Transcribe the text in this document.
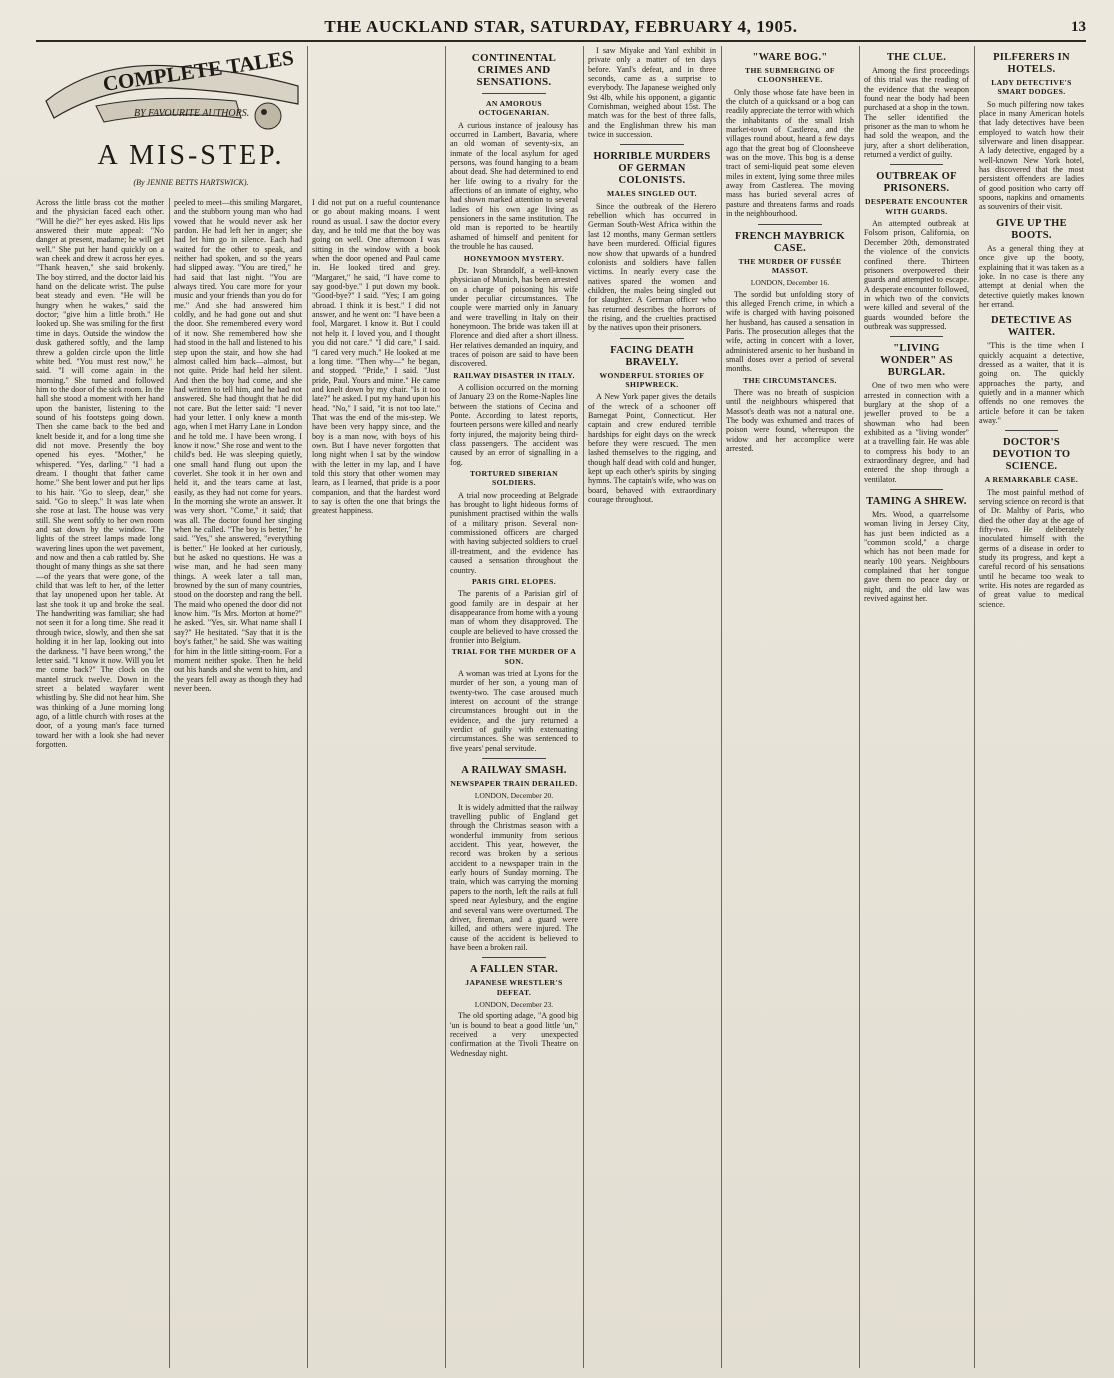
THE AUCKLAND STAR, SATURDAY, FEBRUARY 4, 1905.	13
COMPLETE TALES
BY FAVOURITE AUTHORS.
A MIS-STEP.
(By JENNIE BETTS HARTSWICK).
Across the little brass cot the mother and the physician faced each other. "Will he die?" her eyes asked. His lips answered their mute appeal: "No danger at present, madame; he will get well." She put her hand quickly on a wan cheek and drew it across her eyes. "Thank heaven," she said brokenly. The boy stirred, and the doctor laid his hand on the delicate wrist. The pulse beat steady and even. "He will be hungry when he wakes," said the doctor; "give him a little broth." He looked up. She was smiling for the first time in days. Outside the window the dusk gathered softly, and the lamp threw a golden circle upon the little white bed. "You must rest now," he said. "I will come again in the morning." She turned and followed him to the door of the sick room. In the hall she stood a moment with her hand upon the banister, listening to the sound of his footsteps going down. Then she came back to the bed and knelt beside it, and for a long time she did not move. Presently the boy opened his eyes. "Mother," he whispered. "Yes, darling." "I had a dream. I thought that father came home." She bent lower and put her lips to his hair. "Go to sleep, dear," she said. "Go to sleep." It was late when she rose at last. The house was very still. She went softly to her own room and sat down by the window. The lights of the street lamps made long wavering lines upon the wet pavement, and now and then a cab rattled by. She thought of many things as she sat there—of the years that were gone, of the child that was left to her, of the letter that lay unopened upon her table. At last she took it up and broke the seal. The handwriting was familiar; she had not seen it for a long time. She read it through twice, slowly, and then she sat holding it in her lap, looking out into the darkness. "I have been wrong," the letter said. "I know it now. Will you let me come back?" The clock on the mantel struck twelve. Down in the street a belated wayfarer went whistling by. She did not hear him. She was thinking of a June morning long ago, of a little church with roses at the door, of a young man's face turned toward her with a look she had never forgotten.
peeled to meet—this smiling Margaret, and the stubborn young man who had vowed that he would never ask her pardon. He had left her in anger; she had let him go in silence. Each had waited for the other to speak, and neither had spoken, and so the years had slipped away. "You are tired," he had said that last night. "You are always tired. You care more for your music and your friends than you do for me." And she had answered him coldly, and he had gone out and shut the door. She remembered every word of it now. She remembered how she had stood in the hall and listened to his step upon the stair, and how she had almost called him back—almost, but not quite. Pride had held her silent. And then the boy had come, and she had written to tell him, and he had not answered. She had thought that he did not care. But the letter said: "I never had your letter. I only knew a month ago, when I met Harry Lane in London and he told me. I have been wrong. I know it now." She rose and went to the child's bed. He was sleeping quietly, one small hand flung out upon the coverlet. She took it in her own and held it, and the tears came at last, easily, as they had not come for years. In the morning she wrote an answer. It was very short. "Come," it said; that was all. The doctor found her singing when he called. "The boy is better," he said. "Yes," she answered, "everything is better." He looked at her curiously, but he asked no questions. He was a wise man, and he had seen many things. A week later a tall man, browned by the sun of many countries, stood on the doorstep and rang the bell. The maid who opened the door did not know him. "Is Mrs. Morton at home?" he asked. "Yes, sir. What name shall I say?" He hesitated. "Say that it is the boy's father," he said. She was waiting for him in the little sitting-room. For a moment neither spoke. Then he held out his hands and she went to him, and the years fell away as though they had never been.
I did not put on a rueful countenance or go about making moans. I went round as usual. I saw the doctor every day, and he told me that the boy was going on well. One afternoon I was sitting in the window with a book when the door opened and Paul came in. He looked tired and grey. "Margaret," he said, "I have come to say good-bye." I put down my book. "Good-bye?" I said. "Yes; I am going abroad. I think it is best." I did not answer, and he went on: "I have been a fool, Margaret. I know it. But I could not help it. I loved you, and I thought you did not care." "I did care," I said. "I cared very much." He looked at me a long time. "Then why—" he began, and stopped. "Pride," I said. "Just pride, Paul. Yours and mine." He came and knelt down by my chair. "Is it too late?" he asked. I put my hand upon his head. "No," I said, "it is not too late." That was the end of the mis-step. We have been very happy since, and the boy is a man now, with boys of his own. But I have never forgotten that long night when I sat by the window with the letter in my lap, and I have told this story that other women may learn, as I learned, that pride is a poor companion, and that the hardest word to say is often the one that brings the greatest happiness.
CONTINENTAL CRIMES AND SENSATIONS.
AN AMOROUS OCTOGENARIAN.
A curious instance of jealousy has occurred in Lambert, Bavaria, where an old woman of seventy-six, an inmate of the local asylum for aged persons, was found hanging to a beam about dead. She had determined to end her life owing to a rivalry for the affections of an inmate of eighty, who had shown marked attention to several ladies of his own age living as pensioners in the same institution. The old man is reported to be heartily ashamed of himself and penitent for the trouble he has caused.
HONEYMOON MYSTERY.
Dr. Ivan Sbrandolf, a well-known physician of Munich, has been arrested on a charge of poisoning his wife under peculiar circumstances. The couple were married only in January and were travelling in Italy on their honeymoon. The bride was taken ill at Florence and died after a short illness. Her relatives demanded an inquiry, and traces of poison are said to have been discovered.
RAILWAY DISASTER IN ITALY.
A collision occurred on the morning of January 23 on the Rome-Naples line between the stations of Cecina and Ponte. According to latest reports, fourteen persons were killed and nearly forty injured, the majority being third-class passengers. The accident was caused by an error of signalling in a fog.
TORTURED SIBERIAN SOLDIERS.
A trial now proceeding at Belgrade has brought to light hideous forms of punishment practised within the walls of a military prison. Several non-commissioned officers are charged with having subjected soldiers to cruel ill-treatment, and the evidence has caused a sensation throughout the country.
PARIS GIRL ELOPES.
The parents of a Parisian girl of good family are in despair at her disappearance from home with a young man of whom they disapproved. The couple are believed to have crossed the frontier into Belgium.
TRIAL FOR THE MURDER OF A SON.
A woman was tried at Lyons for the murder of her son, a young man of twenty-two. The case aroused much interest on account of the strange circumstances brought out in the evidence, and the jury returned a verdict of guilty with extenuating circumstances. She was sentenced to five years' penal servitude.
A RAILWAY SMASH.
NEWSPAPER TRAIN DERAILED.
LONDON, December 20.
It is widely admitted that the railway travelling public of England get through the Christmas season with a wonderful immunity from serious accident. This year, however, the record was broken by a serious accident to a newspaper train in the early hours of Sunday morning. The train, which was carrying the morning papers to the north, left the rails at full speed near Aylesbury, and the engine and several vans were overturned. The driver, fireman, and a guard were killed, and others were injured. The cause of the accident is believed to have been a broken rail.
A FALLEN STAR.
JAPANESE WRESTLER'S DEFEAT.
LONDON, December 23.
The old sporting adage, "A good big 'un is bound to beat a good little 'un," received a very unexpected confirmation at the Tivoli Theatre on Wednesday night.
I saw Miyake and Yanl exhibit in private only a matter of ten days before. Yanl's defeat, and in three seconds, came as a surprise to everybody. The Japanese weighed only 9st 4lb, while his opponent, a gigantic Cornishman, weighed about 15st. The match was for the best of three falls, and the Englishman threw his man twice in succession.
HORRIBLE MURDERS OF GERMAN COLONISTS.
MALES SINGLED OUT.
Since the outbreak of the Herero rebellion which has occurred in German South-West Africa within the last 12 months, many German settlers have been murdered. Official figures now show that upwards of a hundred colonists and soldiers have fallen victims. In nearly every case the natives spared the women and children, the males being singled out for slaughter. A German officer who has returned describes the horrors of the rising, and the cruelties practised by the natives upon their prisoners.
FACING DEATH BRAVELY.
WONDERFUL STORIES OF SHIPWRECK.
A New York paper gives the details of the wreck of a schooner off Barnegat Point, Connecticut. Her captain and crew endured terrible hardships for eight days on the wreck before they were rescued. The men lashed themselves to the rigging, and though half dead with cold and hunger, kept up each other's spirits by singing hymns. The captain's wife, who was on board, behaved with extraordinary courage throughout.
"WARE BOG."
THE SUBMERGING OF CLOONSHEEVE.
Only those whose fate have been in the clutch of a quicksand or a bog can readily appreciate the terror with which the inhabitants of the small Irish market-town of Castlerea, and the villages round about, heard a few days ago that the great bog of Cloonsheeve was on the move. This bog is a dense tract of semi-liquid peat some eleven miles in extent, lying some three miles away from Castlerea. The moving mass has buried several acres of pasture and threatens farms and roads in the neighbourhood.
FRENCH MAYBRICK CASE.
THE MURDER OF FUSSÉE MASSOT.
LONDON, December 16.
The sordid but unfolding story of this alleged French crime, in which a wife is charged with having poisoned her husband, has caused a sensation in Paris. The prosecution alleges that the wife, acting in concert with a lover, administered arsenic to her husband in small doses over a period of several months.
THE CIRCUMSTANCES.
There was no breath of suspicion until the neighbours whispered that Massot's death was not a natural one. The body was exhumed and traces of poison were found, whereupon the widow and her accomplice were arrested.
THE CLUE.
Among the first proceedings of this trial was the reading of the evidence that the weapon found near the body had been purchased at a shop in the town. The seller identified the prisoner as the man to whom he had sold the weapon, and the jury, after a short deliberation, returned a verdict of guilty.
OUTBREAK OF PRISONERS.
DESPERATE ENCOUNTER WITH GUARDS.
An attempted outbreak at Folsom prison, California, on December 20th, demonstrated the violence of the convicts confined there. Thirteen prisoners overpowered their guards and attempted to escape. A desperate encounter followed, in which two of the convicts were killed and several of the guards wounded before the outbreak was suppressed.
"LIVING WONDER" AS BURGLAR.
One of two men who were arrested in connection with a burglary at the shop of a jeweller proved to be a showman who had been exhibited as a "living wonder" at a travelling fair. He was able to compress his body to an extraordinary degree, and had entered the shop through a ventilator.
TAMING A SHREW.
Mrs. Wood, a quarrelsome woman living in Jersey City, has just been indicted as a "common scold," a charge which has not been made for nearly 100 years. Neighbours complained that her tongue gave them no peace day or night, and the old law was revived against her.
PILFERERS IN HOTELS.
LADY DETECTIVE'S SMART DODGES.
So much pilfering now takes place in many American hotels that lady detectives have been employed to watch how their silverware and linen disappear. A lady detective, engaged by a well-known New York hotel, has discovered that the most persistent offenders are ladies of good position who carry off spoons, napkins and ornaments as souvenirs of their visit.
GIVE UP THE BOOTS.
As a general thing they at once give up the booty, explaining that it was taken as a joke. In no case is there any attempt at denial when the detective quietly makes known her errand.
DETECTIVE AS WAITER.
"This is the time when I quickly acquaint a detective, dressed as a waiter, that it is going on. The quickly approaches the party, and quietly and in a manner which offends no one removes the article before it can be taken away."
DOCTOR'S DEVOTION TO SCIENCE.
A REMARKABLE CASE.
The most painful method of serving science on record is that of Dr. Maltby of Paris, who died the other day at the age of fifty-two. He deliberately inoculated himself with the germs of a disease in order to study its progress, and kept a careful record of his sensations until he became too weak to write. His notes are regarded as of great value to medical science.
